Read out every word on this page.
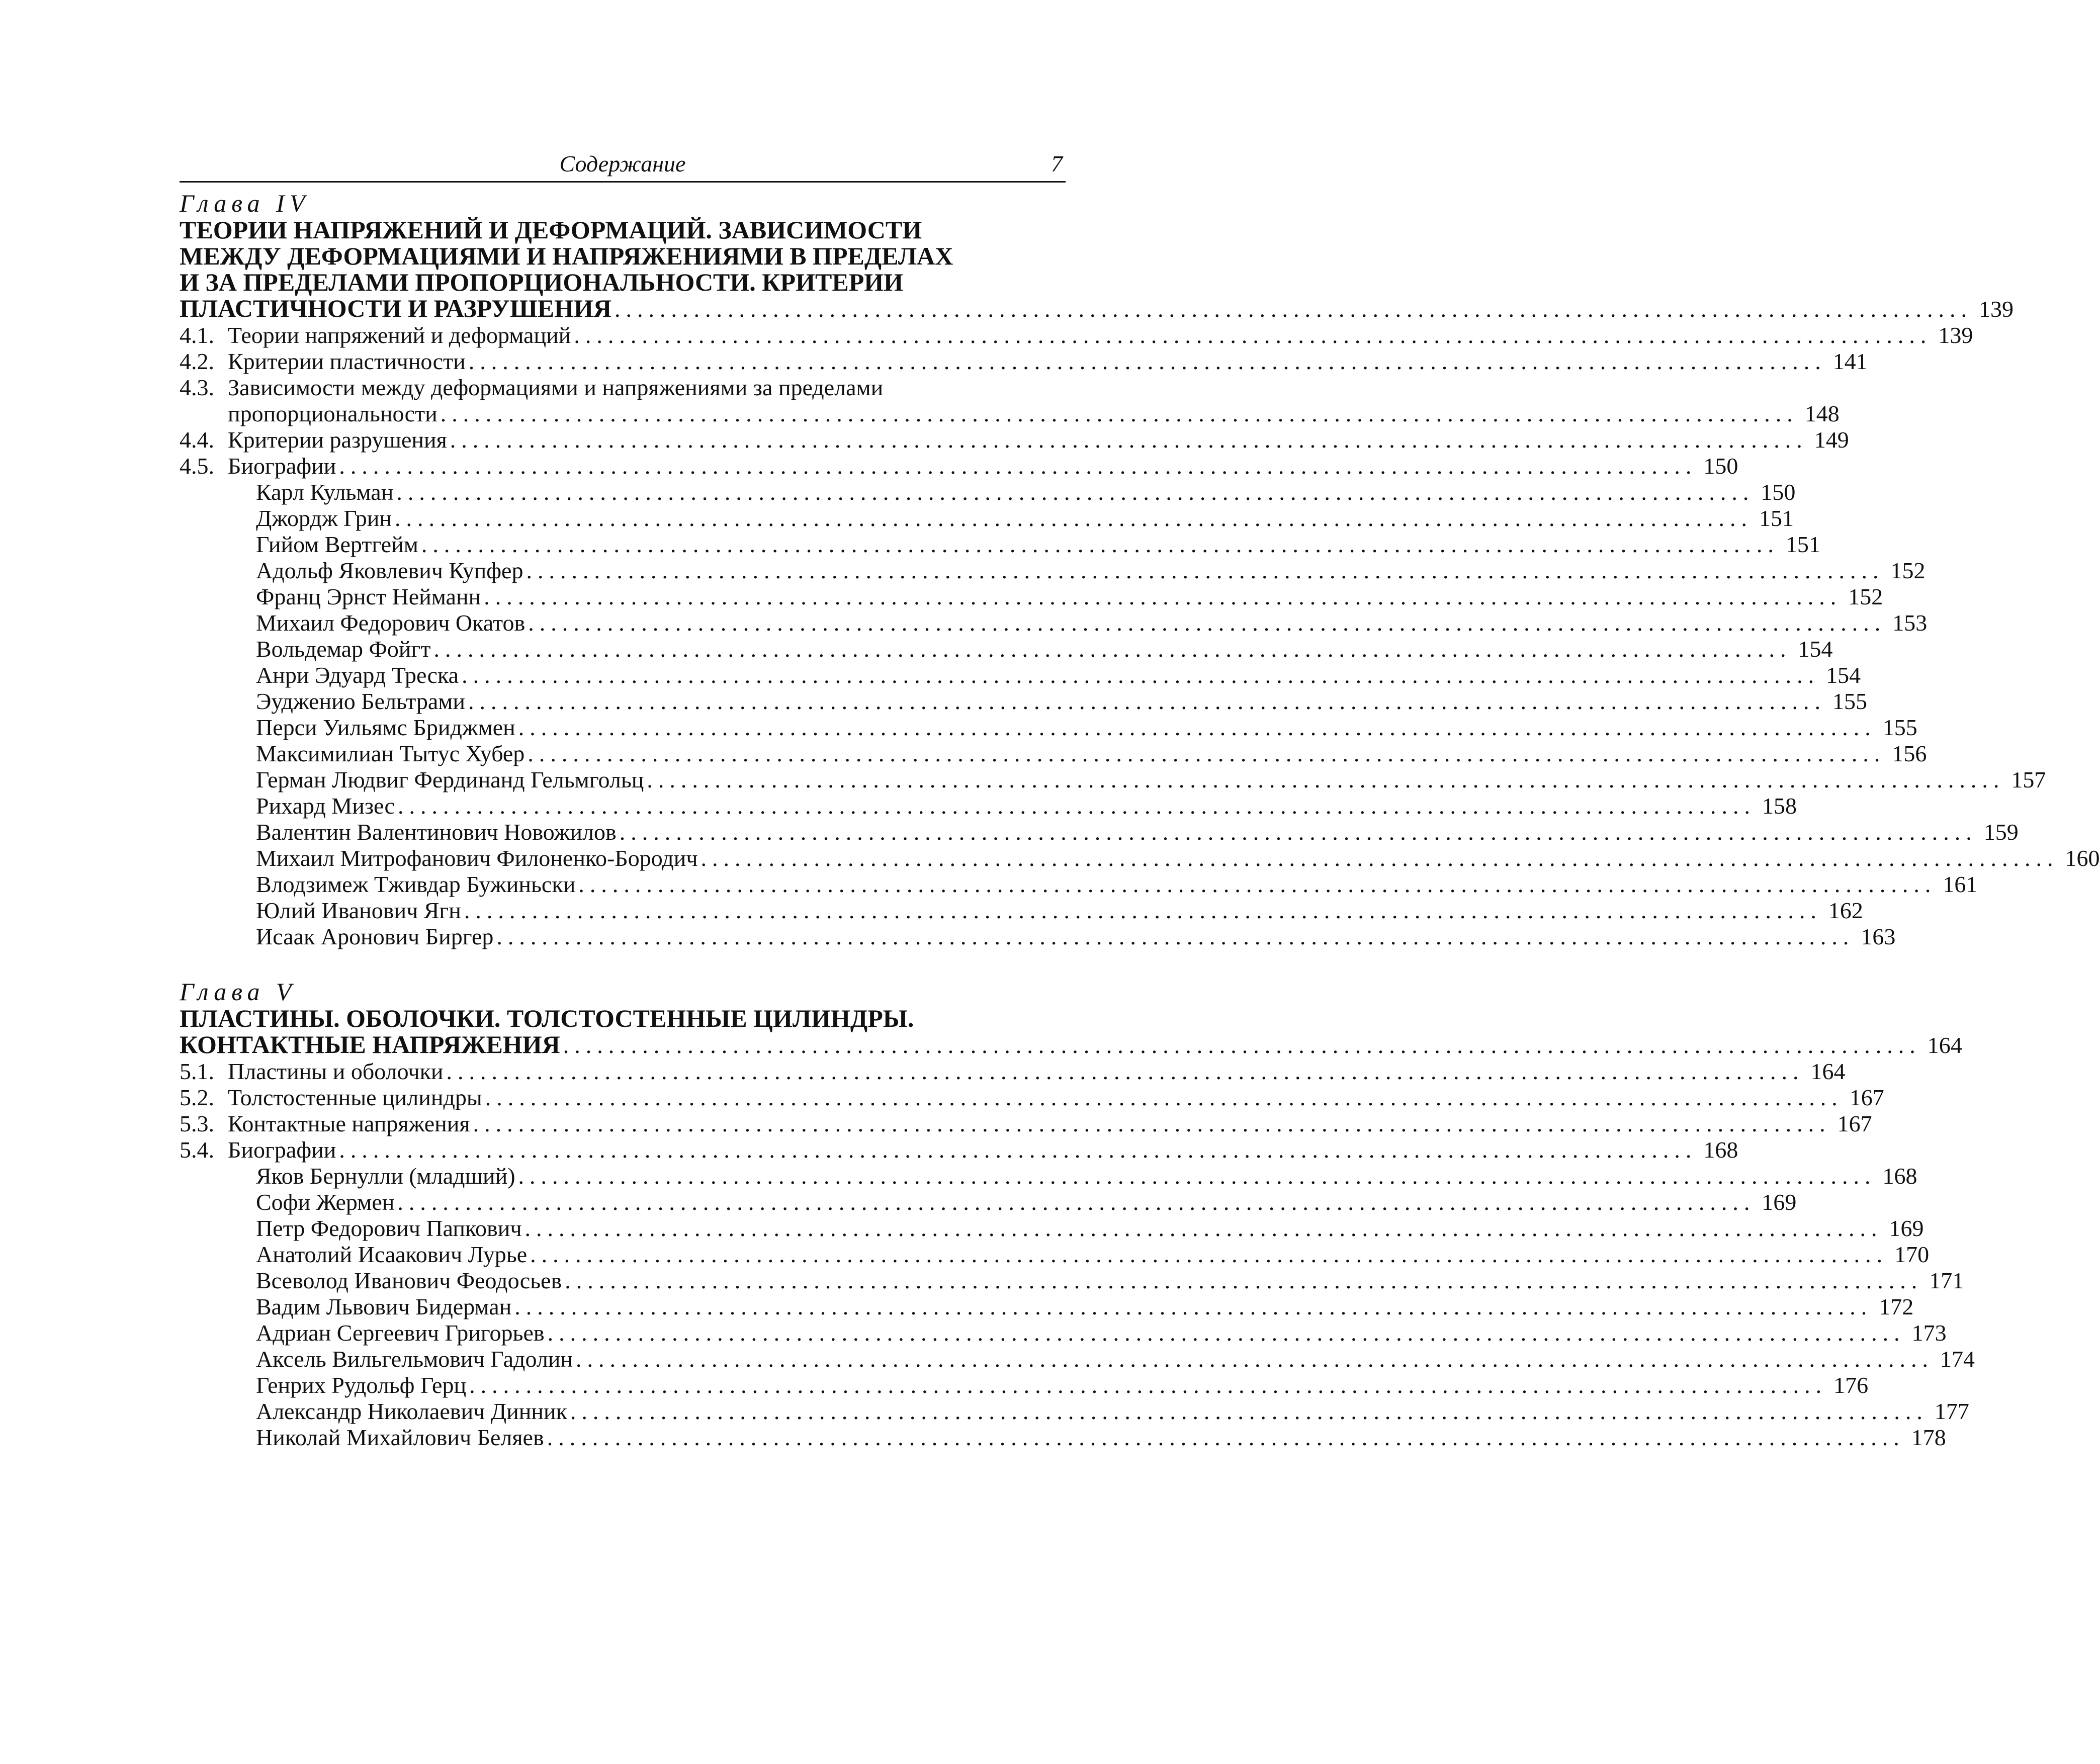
Содержание	7
Глава IV
ТЕОРИИ НАПРЯЖЕНИЙ И ДЕФОРМАЦИЙ. ЗАВИСИМОСТИ
МЕЖДУ ДЕФОРМАЦИЯМИ И НАПРЯЖЕНИЯМИ В ПРЕДЕЛАХ
И ЗА ПРЕДЕЛАМИ ПРОПОРЦИОНАЛЬНОСТИ. КРИТЕРИИ
ПЛАСТИЧНОСТИ И РАЗРУШЕНИЯ ........................................................................................................................ 139
4.1. Теории напряжений и деформаций ........................................................................................................................ 139
4.2. Критерии пластичности ........................................................................................................................ 141
4.3. Зависимости между деформациями и напряжениями за пределами
пропорциональности ........................................................................................................................ 148
4.4. Критерии разрушения ........................................................................................................................ 149
4.5. Биографии ........................................................................................................................ 150
Карл Кульман ........................................................................................................................ 150
Джордж Грин ........................................................................................................................ 151
Гийом Вертгейм ........................................................................................................................ 151
Адольф Яковлевич Купфер ........................................................................................................................ 152
Франц Эрнст Нейманн ........................................................................................................................ 152
Михаил Федорович Окатов ........................................................................................................................ 153
Вольдемар Фойгт ........................................................................................................................ 154
Анри Эдуард Треска ........................................................................................................................ 154
Эудженио Бельтрами ........................................................................................................................ 155
Перси Уильямс Бриджмен ........................................................................................................................ 155
Максимилиан Тытус Хубер ........................................................................................................................ 156
Герман Людвиг Фердинанд Гельмгольц ........................................................................................................................ 157
Рихард Мизес ........................................................................................................................ 158
Валентин Валентинович Новожилов ........................................................................................................................ 159
Михаил Митрофанович Филоненко-Бородич ........................................................................................................................ 160
Влодзимеж Тживдар Бужиньски ........................................................................................................................ 161
Юлий Иванович Ягн ........................................................................................................................ 162
Исаак Аронович Биргер ........................................................................................................................ 163
Глава V
ПЛАСТИНЫ. ОБОЛОЧКИ. ТОЛСТОСТЕННЫЕ ЦИЛИНДРЫ.
КОНТАКТНЫЕ НАПРЯЖЕНИЯ ........................................................................................................................ 164
5.1. Пластины и оболочки ........................................................................................................................ 164
5.2. Толстостенные цилиндры ........................................................................................................................ 167
5.3. Контактные напряжения ........................................................................................................................ 167
5.4. Биографии ........................................................................................................................ 168
Яков Бернулли (младший) ........................................................................................................................ 168
Софи Жермен ........................................................................................................................ 169
Петр Федорович Папкович ........................................................................................................................ 169
Анатолий Исаакович Лурье ........................................................................................................................ 170
Всеволод Иванович Феодосьев ........................................................................................................................ 171
Вадим Львович Бидерман ........................................................................................................................ 172
Адриан Сергеевич Григорьев ........................................................................................................................ 173
Аксель Вильгельмович Гадолин ........................................................................................................................ 174
Генрих Рудольф Герц ........................................................................................................................ 176
Александр Николаевич Динник ........................................................................................................................ 177
Николай Михайлович Беляев ........................................................................................................................ 178
